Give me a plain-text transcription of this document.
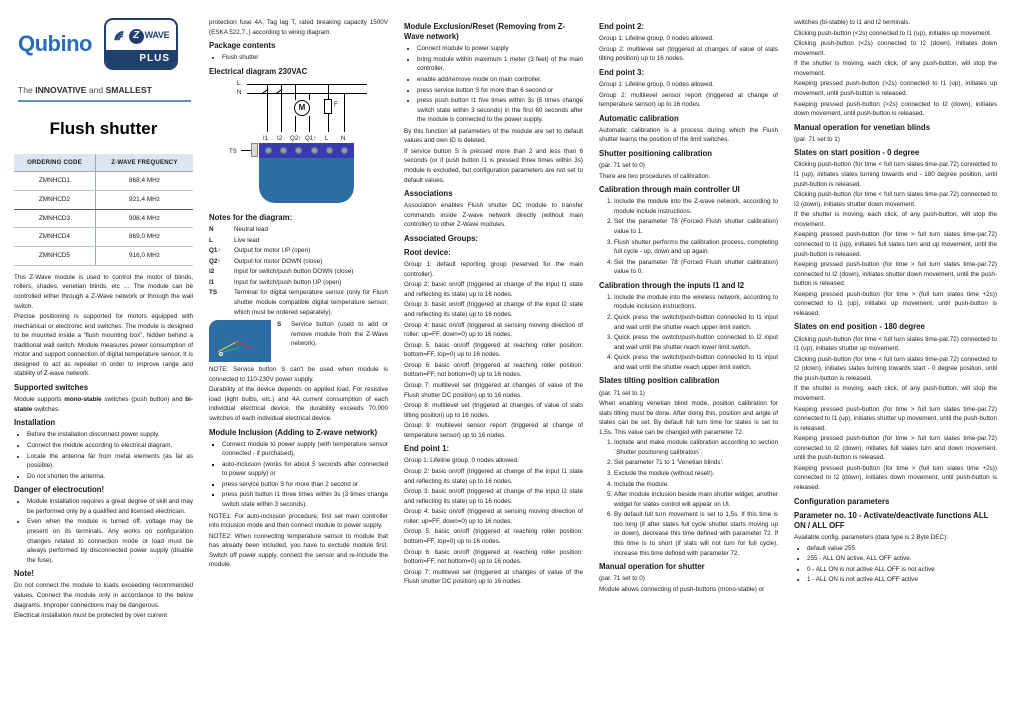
Qubino	Z WAVE
PLUS
The INNOVATIVE and SMALLEST
Flush shutter
ORDERING CODE	Z-WAVE FREQUENCY
ZMNHCD1	868,4 MHz
ZMNHCD2	921,4 MHz
ZMNHCD3	908,4 MHz
ZMNHCD4	869,0 MHz
ZMNHCD5	916,0 MHz

This Z-Wave module is used to control the motor of blinds, rollers, shades, venetian blinds, etc … The module can be controlled either through a Z-Wave network or through the wall switch.

Precise positioning is supported for motors equipped with mechanical or electronic end switches. The module is designed to be mounted inside a “flush mounting box”, hidden behind a traditional wall switch. Module measures power consumption of motor and support connection of digital temperature sensor. It is designed to act as repeater in order to improve range and stability of Z-wave network.

Supported switches

Module supports mono-stable switches (push button) and bi-stable switches.

Installation
• Before the installation disconnect power supply.
• Connect the module according to electrical diagram.
• Locate the antenna far from metal elements (as far as possible).
• Do not shorten the antenna.
Danger of electrocution!
• Module installation requires a great degree of skill and may be performed only by a qualified and licensed electrician.
• Even when the module is turned off, voltage may be present on its terminals. Any works on configuration changes related to connection mode or load must be always performed by disconnected power supply (disable the fuse).
Note!

Do not connect the module to loads exceeding recommended values. Connect the module only in accordance to the below diagrams. Improper connections may be dangerous.

Electrical installation must be protected by over current

protection fuse 4A, Tag lag T, rated breaking capacity 1500V (ESKA 522.7..) according to wiring diagram.

Package contents
• Flush shutter
Electrical diagram 230VAC
L
N
M	F
I1 I2 Q2↑ Q1↑ L N
TS
Notes for the diagram:
N	Neutral lead
L	Live lead
Q1↑	Output for motor UP (open)
Q2↑	Output for motor DOWN (close)
I2	Input for switch/push button DOWN (close)
I1	Input for switch/push button UP (open)
TS	Terminal for digital temperature sensor (only for Flush shutter module compatible digital temperature sensor, which must be ordered separately).
S	Service button (used to add or remove module from the Z-Wave network).

NOTE: Service button S can't be used when module is connected to 110-230V power supply.

Durability of the device depends on applied load. For resistive load (light bulbs, etc.) and 4A current consumption of each individual electrical device, the durability exceeds 70.000 switches of each individual electrical device.

Module Inclusion (Adding to Z-wave network)
▪ Connect module to power supply (with temperature sensor connected - if purchased),
▪ auto-inclusion (works for about 5 seconds after connected to power supply) or
▪ press service button S for more than 2 second or
▪ press push button I1 three times within 3s (3 times change switch state within 3 seconds).

NOTE1: For auto-inclusion procedure, first set main controller into inclusion mode and then connect module to power supply.

NOTE2: When connecting temperature sensor to module that has already been included, you have to exclude module first. Switch off power supply, connect the sensor and re-include the module.

Module Exclusion/Reset (Removing from Z-Wave network)
• Connect module to power supply
• bring module within maximum 1 meter (3 feet) of the main controller,
• enable add/remove mode on main controller,
• press service button S for more than 6 second or
• press push button I1 five times within 3s (5 times change switch state within 3 seconds) in the first 60 seconds after the module is connected to the power supply.

By this function all parameters of the module are set to default values and own ID is deleted.

If service button S is pressed more than 2 and less than 6 seconds (or if push button I1 is pressed three times within 3s) module is excluded, but configuration parameters are not set to default values.

Associations

Association enables Flush shutter DC module to transfer commands inside Z-wave network directly (without main controller) to other Z-Wave modules.

Associated Groups:
Root device:

Group 1: default reporting group (reserved for the main controller).

Group 2: basic on/off (triggered at change of the input I1 state and reflecting its state) up to 16 nodes.

Group 3: basic on/off (triggered at change of the input I2 state and reflecting its state) up to 16 nodes.

Group 4: basic on/off (triggered at sensing moving direction of roller: up=FF, down=0) up to 16 nodes.

Group 5: basic on/off (triggered at reaching roller position: bottom=FF, top=0) up to 16 nodes.

Group 6: basic on/off (triggered at reaching roller position: bottom=FF, not bottom=0) up to 16 nodes.

Group 7: multilevel set (triggered at changes of value of the Flush shutter DC position) up to 16 nodes.

Group 8: multilevel set (triggered at changes of value of slats tilting position) up to 16 nodes.

Group 9: multilevel sensor report (triggered at change of temperature sensor) up to 16 nodes.

End point 1:

Group 1: Lifeline group, 0 nodes allowed.

Group 2: basic on/off (triggered at change of the input I1 state and reflecting its state) up to 16 nodes.

Group 3: basic on/off (triggered at change of the input I2 state and reflecting its state) up to 16 nodes.

Group 4: basic on/off (triggered at sensing moving direction of roller: up=FF, down=0) up to 16 nodes.

Group 5: basic on/off (triggered at reaching roller position: bottom=FF, top=0) up to 16 nodes.

Group 6: basic on/off (triggered at reaching roller position: bottom=FF, not bottom=0) up to 16 nodes.

Group 7: multilevel set (triggered at changes of value of the Flush shutter DC position) up to 16 nodes.

End point 2:

Group 1: Lifeline group, 0 nodes allowed.

Group 2: multilevel set (triggered at changes of value of slats tilting position) up to 16 nodes.

End point 3:

Group 1: Lifeline group, 0 nodes allowed.

Group 2: multilevel sensor report (triggered at change of temperature sensor) up to 16 nodes.

Automatic calibration

Automatic calibration is a process during which the Flush shutter learns the position of the limit switches.

Shutter positioning calibration

(par. 71 set to 0)

There are two procedures of calibration.

Calibration through main controller UI
1. Include the module into the Z-wave network, according to module include instructions.
2. Set the parameter 78 (Forced Flush shutter calibration) value to 1.
3. Flush shutter performs the calibration process, completing full cycle - up, down and up again.
4. Set the parameter 78 (Forced Flush shutter calibration) value to 0.
Calibration through the inputs I1 and I2
1. Include the module into the wireless network, according to module inclusion instructions.
2. Quick press the switch/push-button connected to I1 input and wait until the shutter reach upper limit switch.
3. Quick press the switch/push-button connected to I2 input and wait until the shutter reach lower limit switch.
4. Quick press the switch/push-button connected to I1 input and wait until the shutter reach upper limit switch.
Slates tilting position calibration

(par. 71 set to 1)

When enabling venetian blind mode, position calibration for slats titling must be done. After doing this, position and angle of slates can be set. By default full turn time for slates is set to 1,5s. This value can be changed with parameter 72.

1. Include and make module calibration according to section `Shutter positioning calibration`.
2. Set parameter 71 to 1 'Venetian blinds'.
3. Exclude the module (without reset!).
4. Include the module.
5. After module inclusion beside main shutter widget, another widget for slates control will appear on UI.
6. By default full turn movement is set to 1,5s. If this time is too long (if after slates full cycle shutter starts moving up or down), decrease this time defined with parameter 72. If this time is to short (if slats will not turn for full cycle), increase this time defined with parameter 72.
Manual operation for shutter

(par. 71 set to 0)

Module allows connecting of push-buttons (mono-stable) or

switches (bi-stable) to I1 and I2 terminals.

Clicking push-button (<2s) connected to I1 (up), initiates up movement.

Clicking push-button (<2s) connected to I2 (down), initiates down movement.

If the shutter is moving, each click, of any push-button, will stop the movement.

Keeping pressed push-button (>2s) connected to I1 (up), initiates up movement, until push-button is released.

Keeping pressed push-button (>2s) connected to I2 (down), initiates down movement, until push-button is released.

Manual operation for venetian blinds

(par. 71 set to 1)

Slates on start position - 0 degree

Clicking push-button (for time < full turn slates time-par.72) connected to I1 (up), initiates slates turning towards end - 180 degree position, until push-button is released.

Clicking push-button (for time < full turn slates time-par.72) connected to I2 (down), initiates shutter down movement.

If the shutter is moving, each click, of any push-button, will stop the movement.

Keeping pressed push-button (for time > full turn slates time-par.72) connected to I1 (up), initiates full slates turn and up movement, until the push-button is released.

Keeping pressed push-button (for time > full turn slates time-par.72) connected to I2 (down), initiates shutter down movement, until the push-button is released.

Keeping pressed push-button (for time > (full turn slates time +2s)) connected to I1 (up), initiates up movement, until push-button is released.

Slates on end position - 180 degree

Clicking push-button (for time < full turn slates time-par.72) connected to I1 (up), initiates shutter up movement.

Clicking push-button (for time < full turn slates time-par.72) connected to I2 (down), initiates slates turning towards start - 0 degree position, until the push-button is released.

If the shutter is moving, each click, of any push-button, will stop the movement.

Keeping pressed push-button (for time > full turn slates time-par.72) connected to I1 (up), initiates shutter up movement, until the push-button is released.

Keeping pressed push-button (for time > full turn slates time-par.72) connected to I2 (down), initiates full slates turn and down movement, until the push-button is released.

Keeping pressed push-button (for time > (full turn slates time +2s)) connected to I2 (down), initiates down movement, until push-button is released.

Configuration parameters
Parameter no. 10 - Activate/deactivate functions ALL ON / ALL OFF

Available config. parameters (data type is 2 Byte DEC):

• default value 255
• 255 - ALL ON active, ALL OFF active.
• 0 - ALL ON is not active ALL OFF is not active
• 1 - ALL ON is not active ALL OFF active
